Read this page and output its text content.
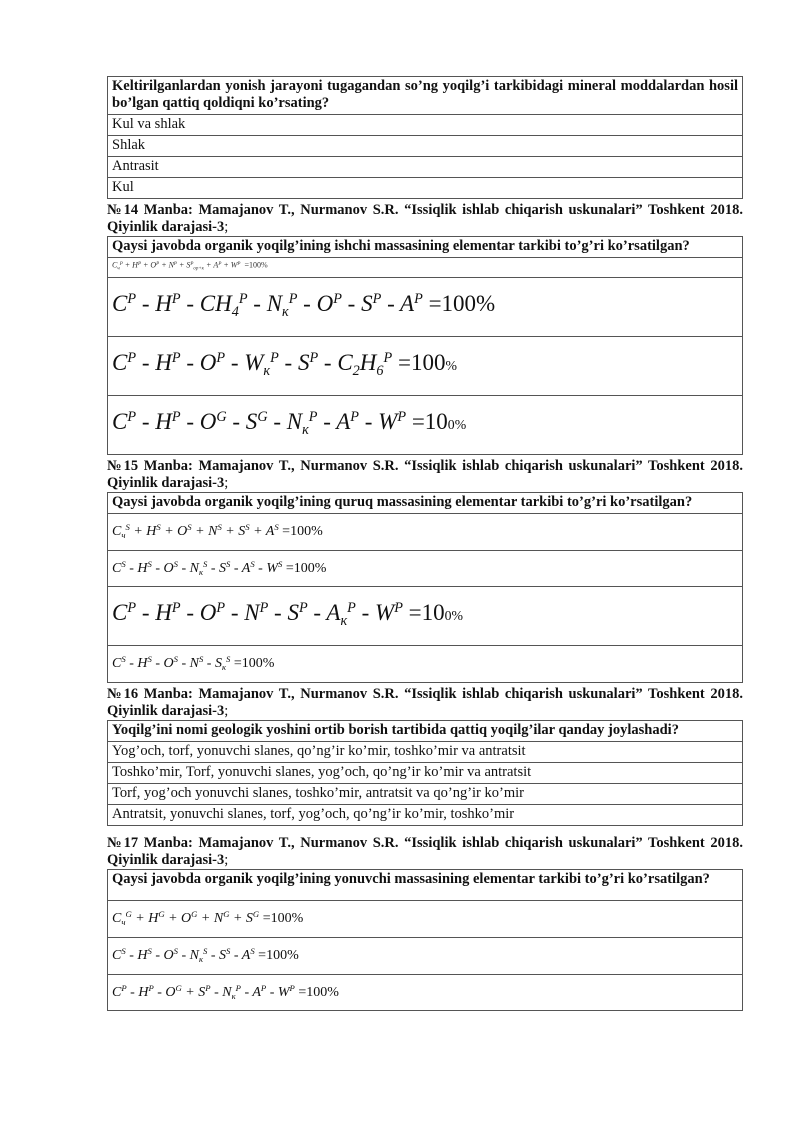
Keltirilganlardan yonish jarayoni tugagandan so’ng yoqilg’i tarkibidagi mineral moddalardan hosil bo’lgan qattiq qoldiqni ko’rsating?
Kul va shlak
Shlak
Antrasit
Kul

№14 Manba: Mamajanov T., Nurmanov S.R. “Issiqlik ishlab chiqarish uskunalari” Toshkent 2018. Qiyinlik darajasi-3;

Qaysi javobda organik yoqilg’ining ishchi massasining elementar tarkibi to’g’ri ko’rsatilgan?

$C_ч^P + H^P + O^P + N^P + S^P_{ор+к} + A^P + W^P =100\%$

$C^P - H^P - CH_4^P - N_к^P - O^P - S^P - A^P =100\%$

$C^P - H^P - O^P - W_к^P - S^P - C_2H_6^P =100\%$

$C^P - H^P - O^G - S^G - N_к^P - A^P - W^P =100\%$

№15 Manba: Mamajanov T., Nurmanov S.R. “Issiqlik ishlab chiqarish uskunalari” Toshkent 2018. Qiyinlik darajasi-3;

Qaysi javobda organik yoqilg’ining quruq massasining elementar tarkibi to’g’ri ko’rsatilgan?

$C_ч^S + H^S + O^S + N^S + S^S + A^S =100\%$

$C^S - H^S - O^S - N_к^S - S^S - A^S - W^S =100\%$

$C^P - H^P - O^P - N^P - S^P - A_к^P - W^P =100\%$

$C^S - H^S - O^S - N^S - S_к^S =100\%$

№16 Manba: Mamajanov T., Nurmanov S.R. “Issiqlik ishlab chiqarish uskunalari” Toshkent 2018. Qiyinlik darajasi-3;

Yoqilg’ini nomi geologik yoshini ortib borish tartibida qattiq yoqilg’ilar qanday joylashadi?
Yog’och, torf, yonuvchi slanes, qo’ng’ir ko’mir, toshko’mir va antratsit
Toshko’mir, Torf, yonuvchi slanes, yog’och, qo’ng’ir ko’mir va antratsit
Torf, yog’och yonuvchi slanes, toshko’mir, antratsit va qo’ng’ir ko’mir
Antratsit, yonuvchi slanes, torf, yog’och, qo’ng’ir ko’mir, toshko’mir

№17 Manba: Mamajanov T., Nurmanov S.R. “Issiqlik ishlab chiqarish uskunalari” Toshkent 2018. Qiyinlik darajasi-3;

Qaysi javobda organik yoqilg’ining yonuvchi massasining elementar tarkibi to’g’ri ko’rsatilgan?

$C_ч^G + H^G + O^G + N^G + S^G =100\%$

$C^S - H^S - O^S - N_к^S - S^S - A^S =100\%$

$C^P - H^P - O^G + S^P - N_к^P - A^P - W^P =100\%$
